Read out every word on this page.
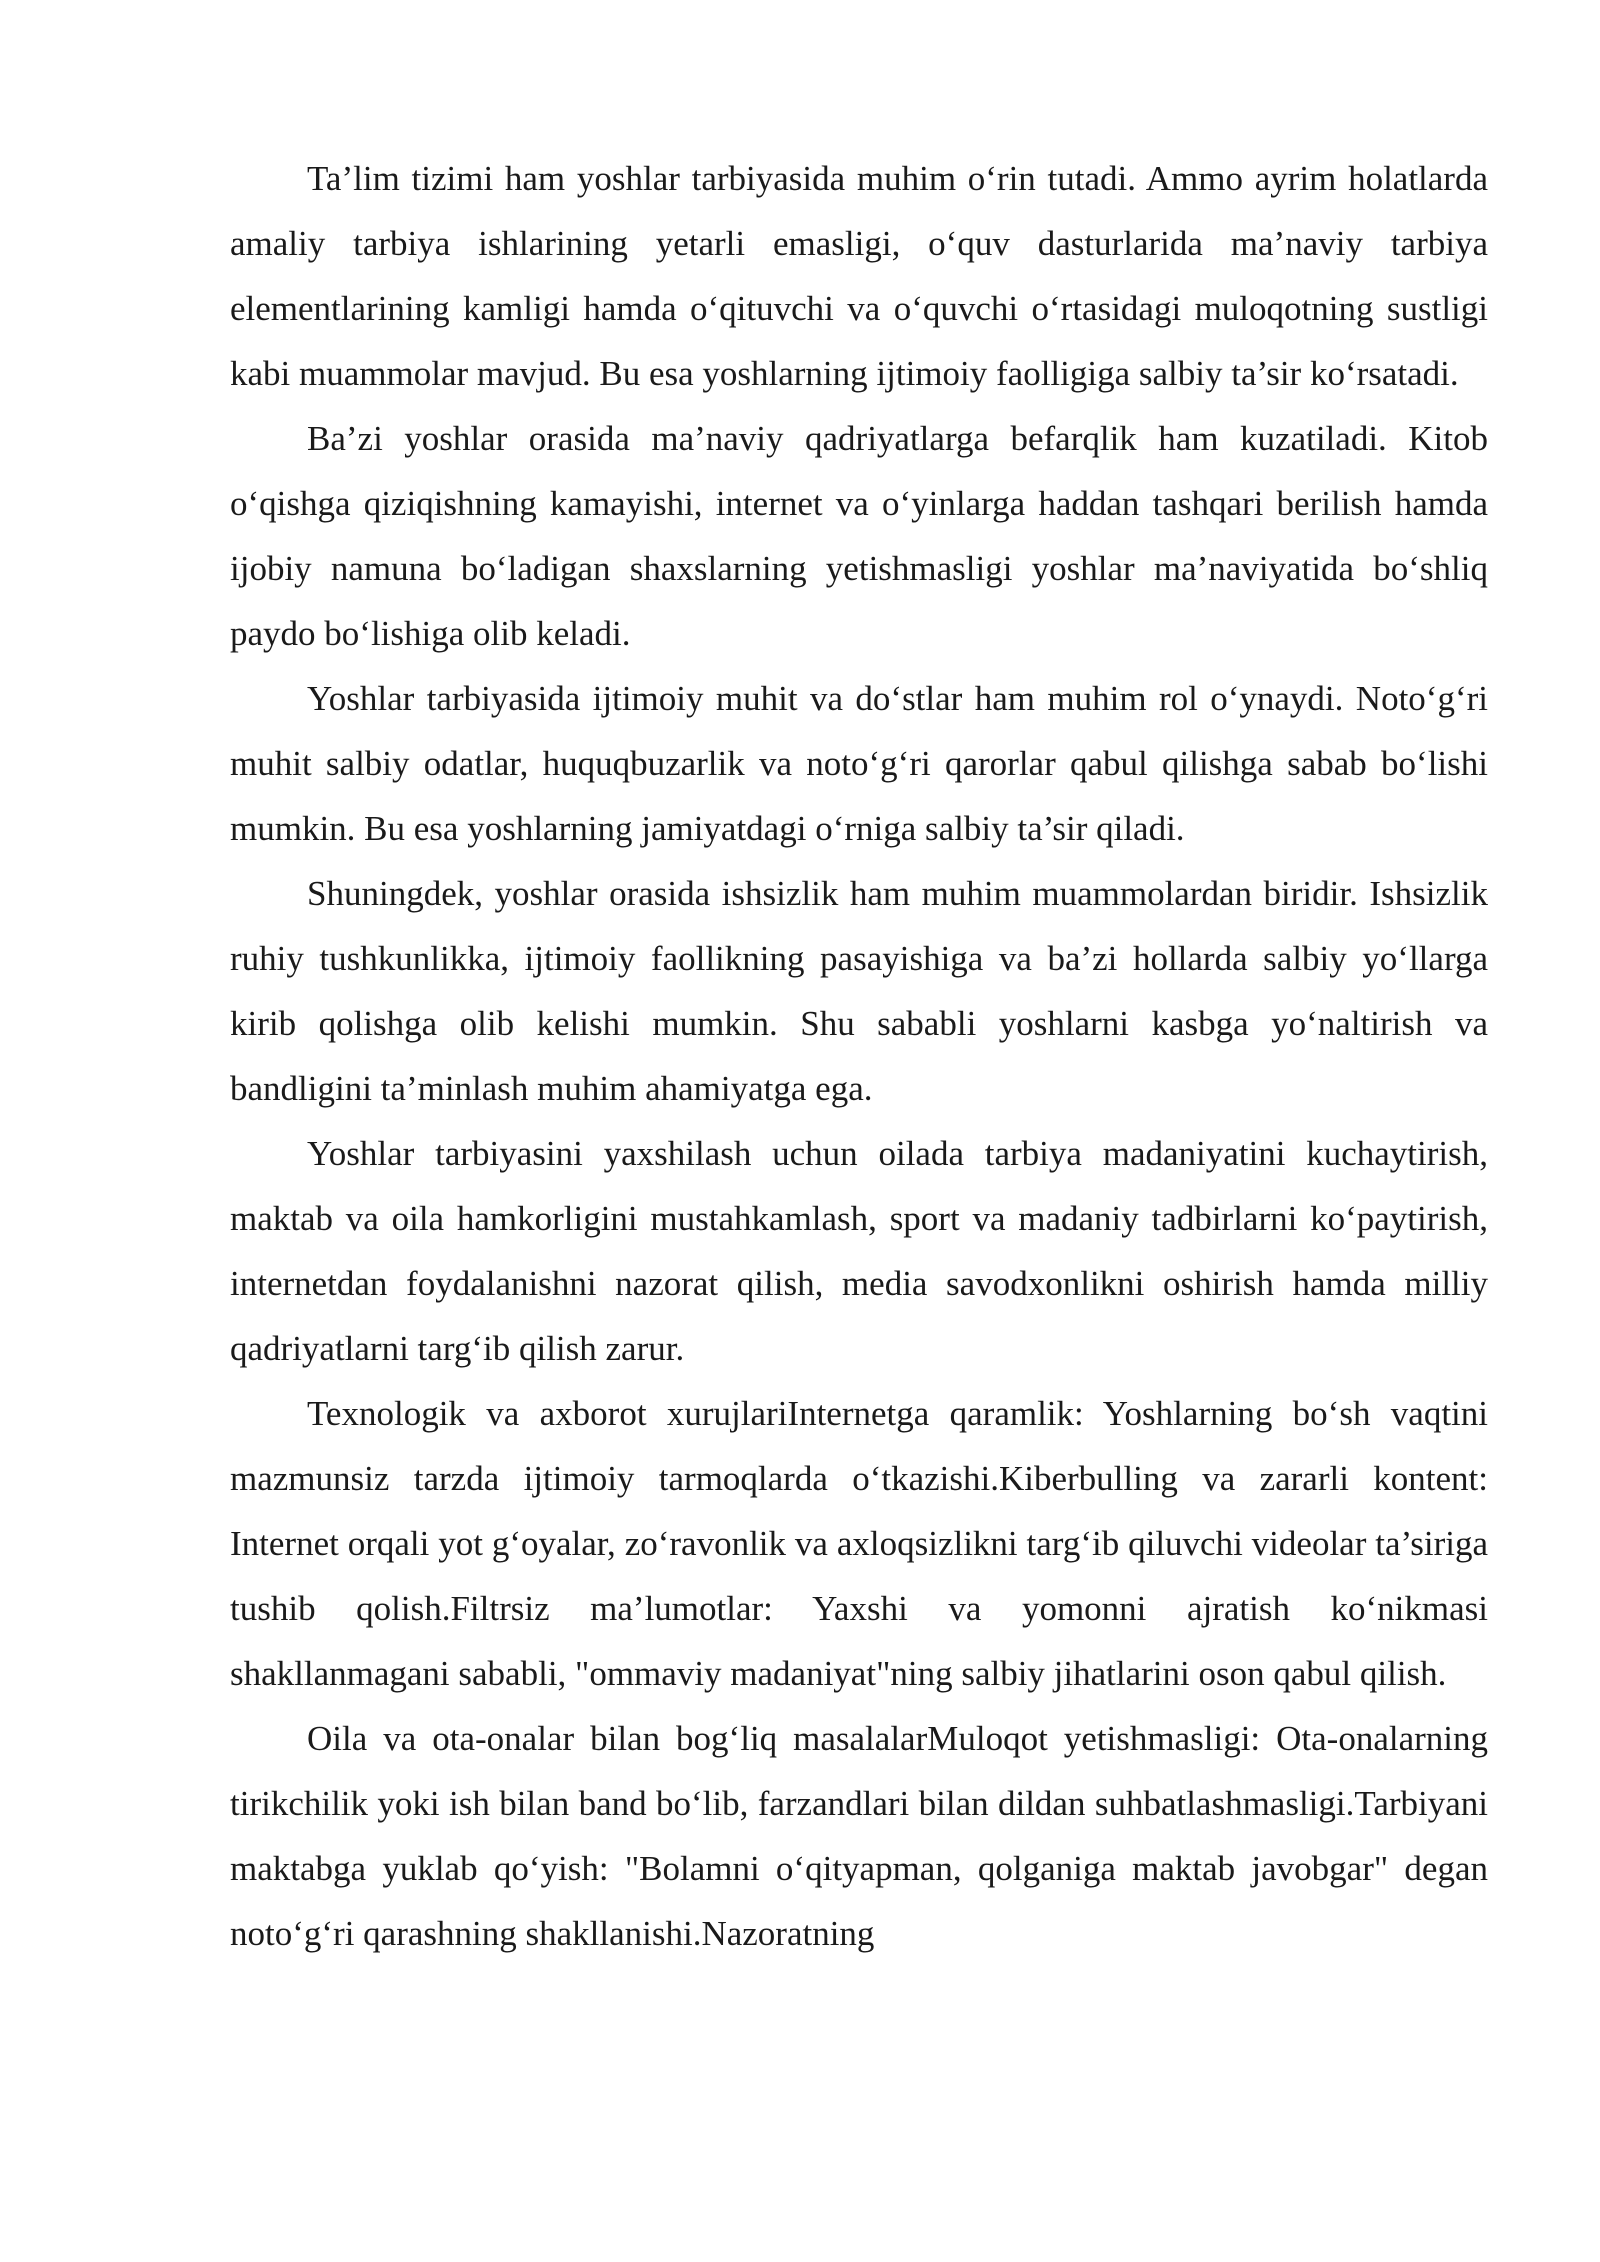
Ta’lim tizimi ham yoshlar tarbiyasida muhim o‘rin tutadi. Ammo ayrim holatlarda amaliy tarbiya ishlarining yetarli emasligi, o‘quv dasturlarida ma’naviy tarbiya elementlarining kamligi hamda o‘qituvchi va o‘quvchi o‘rtasidagi muloqotning sustligi kabi muammolar mavjud. Bu esa yoshlarning ijtimoiy faolligiga salbiy ta’sir ko‘rsatadi.

Ba’zi yoshlar orasida ma’naviy qadriyatlarga befarqlik ham kuzatiladi. Kitob o‘qishga qiziqishning kamayishi, internet va o‘yinlarga haddan tashqari berilish hamda ijobiy namuna bo‘ladigan shaxslarning yetishmasligi yoshlar ma’naviyatida bo‘shliq paydo bo‘lishiga olib keladi.

Yoshlar tarbiyasida ijtimoiy muhit va do‘stlar ham muhim rol o‘ynaydi. Noto‘g‘ri muhit salbiy odatlar, huquqbuzarlik va noto‘g‘ri qarorlar qabul qilishga sabab bo‘lishi mumkin. Bu esa yoshlarning jamiyatdagi o‘rniga salbiy ta’sir qiladi.

Shuningdek, yoshlar orasida ishsizlik ham muhim muammolardan biridir. Ishsizlik ruhiy tushkunlikka, ijtimoiy faollikning pasayishiga va ba’zi hollarda salbiy yo‘llarga kirib qolishga olib kelishi mumkin. Shu sababli yoshlarni kasbga yo‘naltirish va bandligini ta’minlash muhim ahamiyatga ega.

Yoshlar tarbiyasini yaxshilash uchun oilada tarbiya madaniyatini kuchaytirish, maktab va oila hamkorligini mustahkamlash, sport va madaniy tadbirlarni ko‘paytirish, internetdan foydalanishni nazorat qilish, media savodxonlikni oshirish hamda milliy qadriyatlarni targ‘ib qilish zarur.

Texnologik va axborot xurujlariInternetga qaramlik: Yoshlarning bo‘sh vaqtini mazmunsiz tarzda ijtimoiy tarmoqlarda o‘tkazishi.Kiberbulling va zararli kontent: Internet orqali yot g‘oyalar, zo‘ravonlik va axloqsizlikni targ‘ib qiluvchi videolar ta’siriga tushib qolish.Filtrsiz ma’lumotlar: Yaxshi va yomonni ajratish ko‘nikmasi shakllanmagani sababli, "ommaviy madaniyat"ning salbiy jihatlarini oson qabul qilish.

Oila va ota-onalar bilan bog‘liq masalalarMuloqot yetishmasligi: Ota-onalarning tirikchilik yoki ish bilan band bo‘lib, farzandlari bilan dildan suhbatlashmasligi.Tarbiyani maktabga yuklab qo‘yish: "Bolamni o‘qityapman, qolganiga maktab javobgar" degan noto‘g‘ri qarashning shakllanishi.Nazoratning
